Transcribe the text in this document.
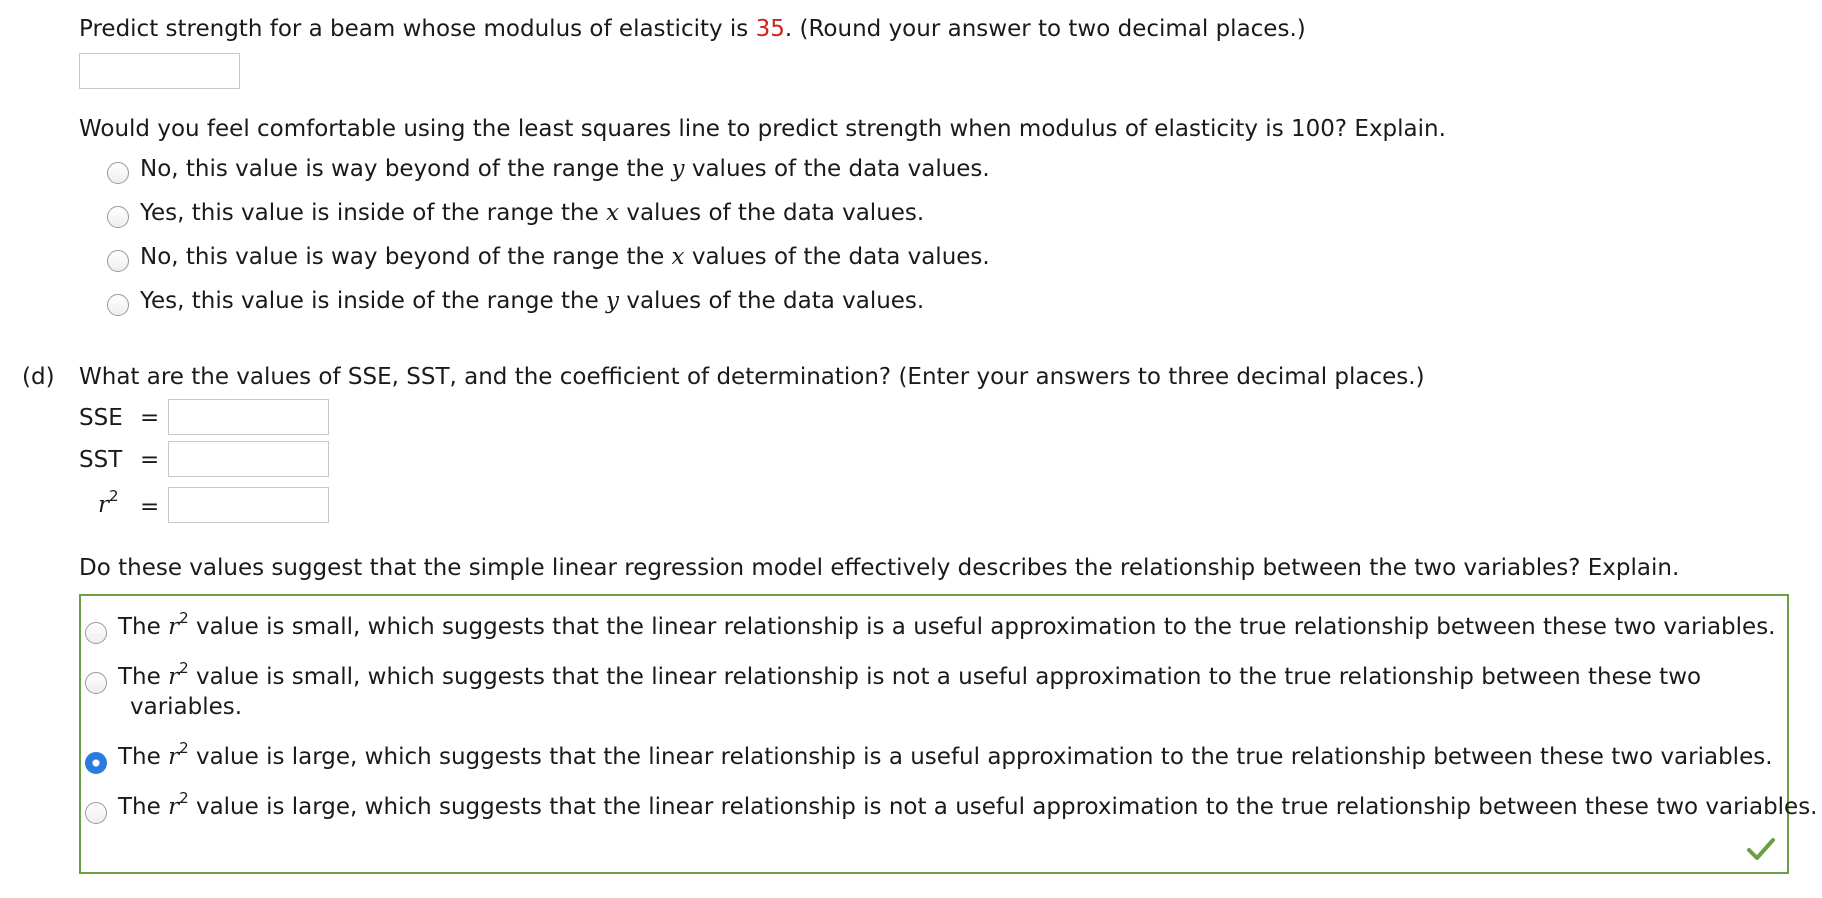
Predict strength for a beam whose modulus of elasticity is 35. (Round your answer to two decimal places.)
Would you feel comfortable using the least squares line to predict strength when modulus of elasticity is 100? Explain.
No, this value is way beyond of the range the y values of the data values.
Yes, this value is inside of the range the x values of the data values.
No, this value is way beyond of the range the x values of the data values.
Yes, this value is inside of the range the y values of the data values.
(d) What are the values of SSE, SST, and the coefficient of determination? (Enter your answers to three decimal places.)
SSE =
SST =
$r^2$ =
Do these values suggest that the simple linear regression model effectively describes the relationship between the two variables? Explain.
The $r^2$ value is small, which suggests that the linear relationship is a useful approximation to the true relationship between these two variables.
The $r^2$ value is small, which suggests that the linear relationship is not a useful approximation to the true relationship between these two
variables.
The $r^2$ value is large, which suggests that the linear relationship is a useful approximation to the true relationship between these two variables.
The $r^2$ value is large, which suggests that the linear relationship is not a useful approximation to the true relationship between these two variables.
